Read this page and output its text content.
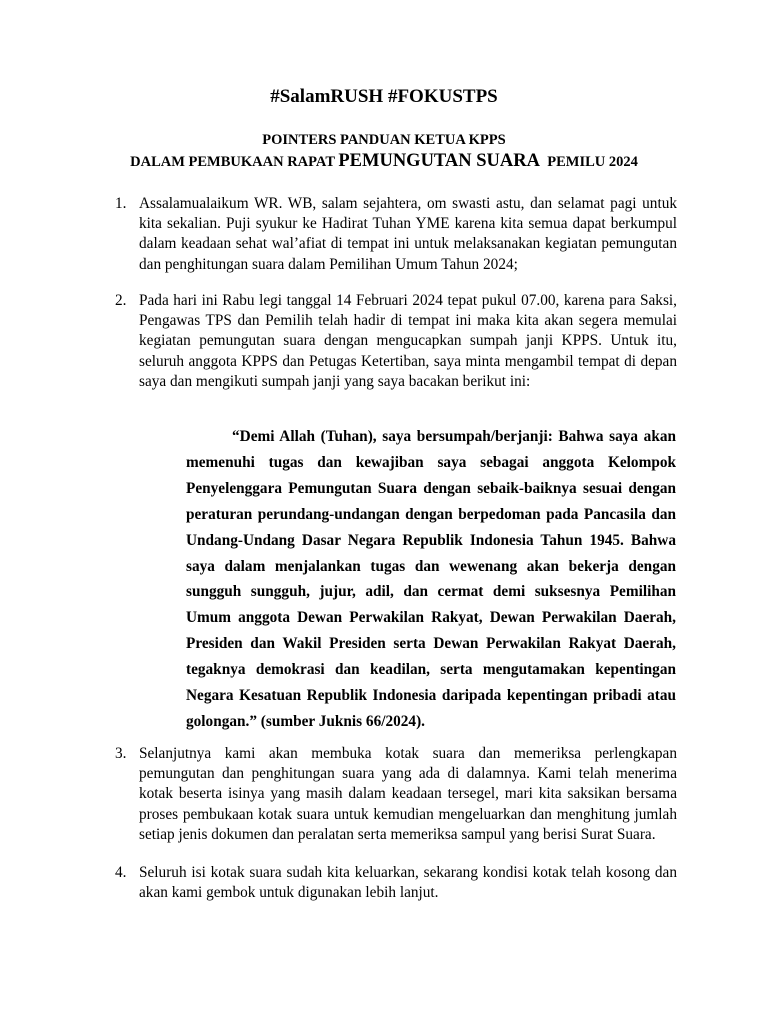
#SalamRUSH #FOKUSTPS
POINTERS PANDUAN KETUA KPPS
DALAM PEMBUKAAN RAPAT PEMUNGUTAN SUARA PEMILU 2024
1. Assalamualaikum WR. WB, salam sejahtera, om swasti astu, dan selamat pagi untuk kita sekalian. Puji syukur ke Hadirat Tuhan YME karena kita semua dapat berkumpul dalam keadaan sehat wal’afiat di tempat ini untuk melaksanakan kegiatan pemungutan dan penghitungan suara dalam Pemilihan Umum Tahun 2024;
2. Pada hari ini Rabu legi tanggal 14 Februari 2024 tepat pukul 07.00, karena para Saksi, Pengawas TPS dan Pemilih telah hadir di tempat ini maka kita akan segera memulai kegiatan pemungutan suara dengan mengucapkan sumpah janji KPPS. Untuk itu, seluruh anggota KPPS dan Petugas Ketertiban, saya minta mengambil tempat di depan saya dan mengikuti sumpah janji yang saya bacakan berikut ini:
“Demi Allah (Tuhan), saya bersumpah/berjanji: Bahwa saya akan memenuhi tugas dan kewajiban saya sebagai anggota Kelompok Penyelenggara Pemungutan Suara dengan sebaik-baiknya sesuai dengan peraturan perundang-undangan dengan berpedoman pada Pancasila dan Undang-Undang Dasar Negara Republik Indonesia Tahun 1945. Bahwa saya dalam menjalankan tugas dan wewenang akan bekerja dengan sungguh sungguh, jujur, adil, dan cermat demi suksesnya Pemilihan Umum anggota Dewan Perwakilan Rakyat, Dewan Perwakilan Daerah, Presiden dan Wakil Presiden serta Dewan Perwakilan Rakyat Daerah, tegaknya demokrasi dan keadilan, serta mengutamakan kepentingan Negara Kesatuan Republik Indonesia daripada kepentingan pribadi atau golongan.” (sumber Juknis 66/2024).
3. Selanjutnya kami akan membuka kotak suara dan memeriksa perlengkapan pemungutan dan penghitungan suara yang ada di dalamnya. Kami telah menerima kotak beserta isinya yang masih dalam keadaan tersegel, mari kita saksikan bersama proses pembukaan kotak suara untuk kemudian mengeluarkan dan menghitung jumlah setiap jenis dokumen dan peralatan serta memeriksa sampul yang berisi Surat Suara.
4. Seluruh isi kotak suara sudah kita keluarkan, sekarang kondisi kotak telah kosong dan akan kami gembok untuk digunakan lebih lanjut.
